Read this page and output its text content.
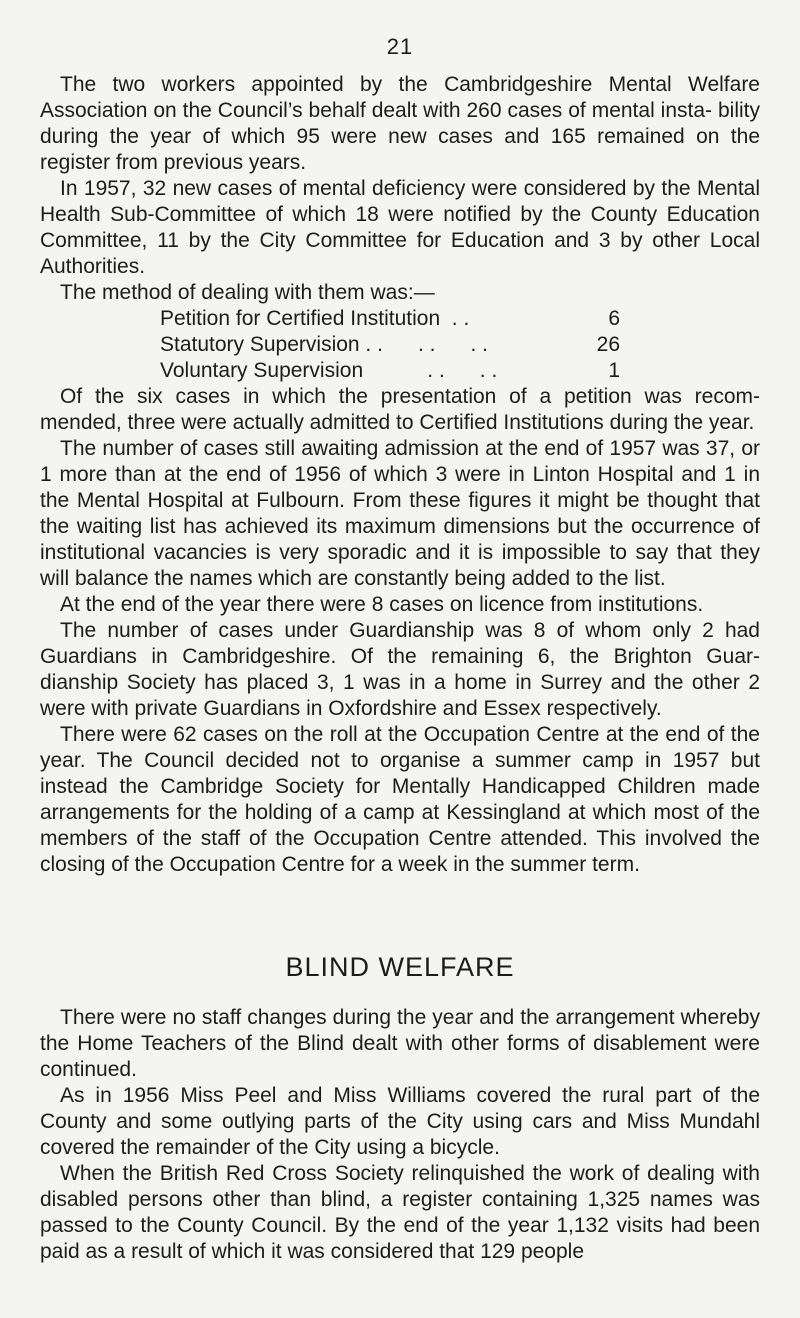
21

The two workers appointed by the Cambridgeshire Mental Welfare Association on the Council’s behalf dealt with 260 cases of mental insta- bility during the year of which 95 were new cases and 165 remained on the register from previous years.

In 1957, 32 new cases of mental deficiency were considered by the Mental Health Sub-Committee of which 18 were notified by the County Education Committee, 11 by the City Committee for Education and 3 by other Local Authorities.

The method of dealing with them was:—

Petition for Certified Institution  . .	6
Statutory Supervision . .      . .      . .	26
Voluntary Supervision           . .      . .	1

Of the six cases in which the presentation of a petition was recom- mended, three were actually admitted to Certified Institutions during the year.

The number of cases still awaiting admission at the end of 1957 was 37, or 1 more than at the end of 1956 of which 3 were in Linton Hospital and 1 in the Mental Hospital at Fulbourn. From these figures it might be thought that the waiting list has achieved its maximum dimensions but the occurrence of institutional vacancies is very sporadic and it is impossible to say that they will balance the names which are constantly being added to the list.

At the end of the year there were 8 cases on licence from institutions.

The number of cases under Guardianship was 8 of whom only 2 had Guardians in Cambridgeshire. Of the remaining 6, the Brighton Guar- dianship Society has placed 3, 1 was in a home in Surrey and the other 2 were with private Guardians in Oxfordshire and Essex respectively.

There were 62 cases on the roll at the Occupation Centre at the end of the year. The Council decided not to organise a summer camp in 1957 but instead the Cambridge Society for Mentally Handicapped Children made arrangements for the holding of a camp at Kessingland at which most of the members of the staff of the Occupation Centre attended. This involved the closing of the Occupation Centre for a week in the summer term.

BLIND WELFARE

There were no staff changes during the year and the arrangement whereby the Home Teachers of the Blind dealt with other forms of disablement were continued.

As in 1956 Miss Peel and Miss Williams covered the rural part of the County and some outlying parts of the City using cars and Miss Mundahl covered the remainder of the City using a bicycle.

When the British Red Cross Society relinquished the work of dealing with disabled persons other than blind, a register containing 1,325 names was passed to the County Council. By the end of the year 1,132 visits had been paid as a result of which it was considered that 129 people
